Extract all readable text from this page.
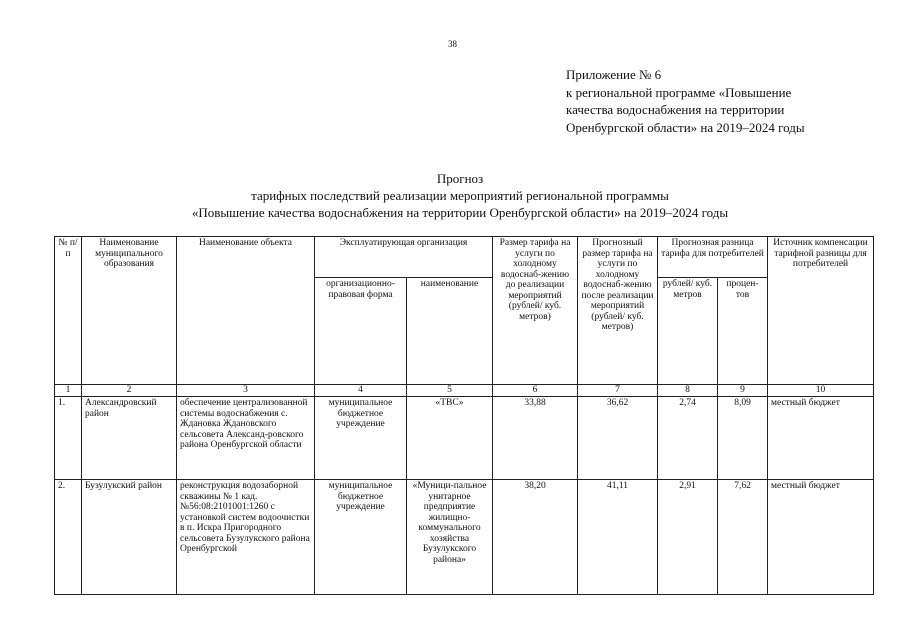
38
Приложение № 6
к региональной программе «Повышение
качества водоснабжения на территории
Оренбургской области» на 2019–2024 годы
Прогноз
тарифных последствий реализации мероприятий региональной программы
«Повышение качества водоснабжения на территории Оренбургской области» на 2019–2024 годы
№ п/п	Наименование муниципального образования	Наименование объекта	Эксплуатирующая организация		Размер тарифа на услуги по холодному водоснаб-жению до реализации мероприятий (рублей/ куб. метров)	Прогнозный размер тарифа на услуги по холодному водоснаб-жению после реализации мероприятий (рублей/ куб. метров)	Прогнозная разница тарифа для потребителей		Источник компенсации тарифной разницы для потребителей
			организационно-правовая форма	наименование			рублей/ куб. метров	процен-тов	
1	2	3	4	5	6	7	8	9	10
1.	Александровский район	обеспечение централизованной системы водоснабжения с. Ждановка Ждановского сельсовета Александ-ровского района Оренбургской области	муниципальное бюджетное учреждение	«ТВС»	33,88	36,62	2,74	8,09	местный бюджет
2.	Бузулукский район	реконструкция водозаборной скважины № 1 кад.№56:08:2101001:1260 с установкой систем водоочистки в п. Искра Пригородного сельсовета Бузулукского района Оренбургской	муниципальное бюджетное учреждение	«Муници-пальное унитарное предприятие жилищно-коммунального хозяйства Бузулукского района»	38,20	41,11	2,91	7,62	местный бюджет
